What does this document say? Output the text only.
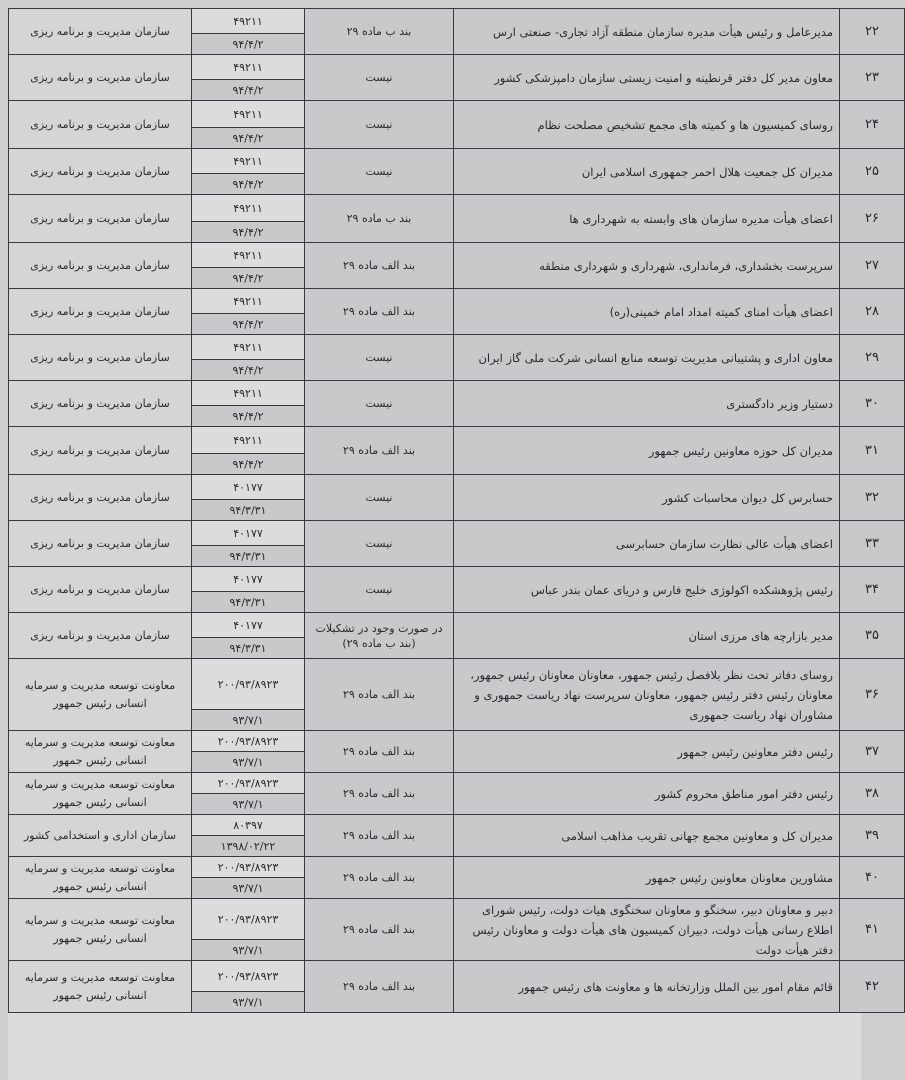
۲۲	مدیرعامل و رئیس هیأت مدیره سازمان منطقه آزاد تجاری- صنعتی ارس	بند ب ماده ۲۹	۴۹۲۱۱	سازمان مدیریت و برنامه ریزی
			۹۴/۴/۲	
۲۳	معاون مدیر کل دفتر قرنطینه و امنیت زیستی سازمان دامپزشکی کشور	نیست	۴۹۲۱۱	سازمان مدیریت و برنامه ریزی
			۹۴/۴/۲	
۲۴	روسای کمیسیون ها و کمیته های مجمع تشخیص مصلحت نظام	نیست	۴۹۲۱۱	سازمان مدیریت و برنامه ریزی
			۹۴/۴/۲	
۲۵	مدیران کل جمعیت هلال احمر جمهوری اسلامی ایران	نیست	۴۹۲۱۱	سازمان مدیریت و برنامه ریزی
			۹۴/۴/۲	
۲۶	اعضای هیأت مدیره سازمان های وابسته به شهرداری ها	بند ب ماده ۲۹	۴۹۲۱۱	سازمان مدیریت و برنامه ریزی
			۹۴/۴/۲	
۲۷	سرپرست بخشداری، فرمانداری، شهرداری و شهرداری منطقه	بند الف ماده ۲۹	۴۹۲۱۱	سازمان مدیریت و برنامه ریزی
			۹۴/۴/۲	
۲۸	اعضای هیأت امنای کمیته امداد امام خمینی(ره)	بند الف ماده ۲۹	۴۹۲۱۱	سازمان مدیریت و برنامه ریزی
			۹۴/۴/۲	
۲۹	معاون اداری و پشتیبانی مدیریت توسعه منابع انسانی شرکت ملی گاز ایران	نیست	۴۹۲۱۱	سازمان مدیریت و برنامه ریزی
			۹۴/۴/۲	
۳۰	دستیار وزیر دادگستری	نیست	۴۹۲۱۱	سازمان مدیریت و برنامه ریزی
			۹۴/۴/۲	
۳۱	مدیران کل حوزه معاونین رئیس جمهور	بند الف ماده ۲۹	۴۹۲۱۱	سازمان مدیریت و برنامه ریزی
			۹۴/۴/۲	
۳۲	حسابرس کل دیوان محاسبات کشور	نیست	۴۰۱۷۷	سازمان مدیریت و برنامه ریزی
			۹۴/۳/۳۱	
۳۳	اعضای هیأت عالی نظارت سازمان حسابرسی	نیست	۴۰۱۷۷	سازمان مدیریت و برنامه ریزی
			۹۴/۳/۳۱	
۳۴	رئیس پژوهشکده اکولوژی خلیج فارس و دریای عمان بندر عباس	نیست	۴۰۱۷۷	سازمان مدیریت و برنامه ریزی
			۹۴/۳/۳۱	
۳۵	مدیر بازارچه های مرزی استان	در صورت وجود در تشکیلات (بند ب ماده ۲۹)	۴۰۱۷۷	سازمان مدیریت و برنامه ریزی
			۹۴/۳/۳۱	
۳۶	روسای دفاتر تحت نظر بلافصل رئیس جمهور، معاونان معاونان رئیس جمهور، معاونان رئیس دفتر رئیس جمهور، معاونان سرپرست نهاد ریاست جمهوری و مشاوران نهاد ریاست جمهوری	بند الف ماده ۲۹	۲۰۰/۹۳/۸۹۲۳	معاونت توسعه مدیریت و سرمایه انسانی رئیس جمهور
			۹۳/۷/۱	
۳۷	رئیس دفتر معاونین رئیس جمهور	بند الف ماده ۲۹	۲۰۰/۹۳/۸۹۲۳	معاونت توسعه مدیریت و سرمایه انسانی رئیس جمهور
			۹۳/۷/۱	
۳۸	رئیس دفتر امور مناطق محروم کشور	بند الف ماده ۲۹	۲۰۰/۹۳/۸۹۲۳	معاونت توسعه مدیریت و سرمایه انسانی رئیس جمهور
			۹۳/۷/۱	
۳۹	مدیران کل و معاونین مجمع جهانی تقریب مذاهب اسلامی	بند الف ماده ۲۹	۸۰۳۹۷	سازمان اداری و استخدامی کشور
			۱۳۹۸/۰۲/۲۲	
۴۰	مشاورین معاونان معاونین رئیس جمهور	بند الف ماده ۲۹	۲۰۰/۹۳/۸۹۲۳	معاونت توسعه مدیریت و سرمایه انسانی رئیس جمهور
			۹۳/۷/۱	
۴۱	دبیر و معاونان دبیر، سخنگو و معاونان سخنگوی هیات دولت، رئیس شورای اطلاع رسانی هیأت دولت، دبیران کمیسیون های هیأت دولت و معاونان رئیس دفتر هیأت دولت	بند الف ماده ۲۹	۲۰۰/۹۳/۸۹۲۳	معاونت توسعه مدیریت و سرمایه انسانی رئیس جمهور
			۹۳/۷/۱	
۴۲	قائم مقام امور بین الملل وزارتخانه ها و معاونت های رئیس جمهور	بند الف ماده ۲۹	۲۰۰/۹۳/۸۹۲۳	معاونت توسعه مدیریت و سرمایه انسانی رئیس جمهور
			۹۳/۷/۱	
